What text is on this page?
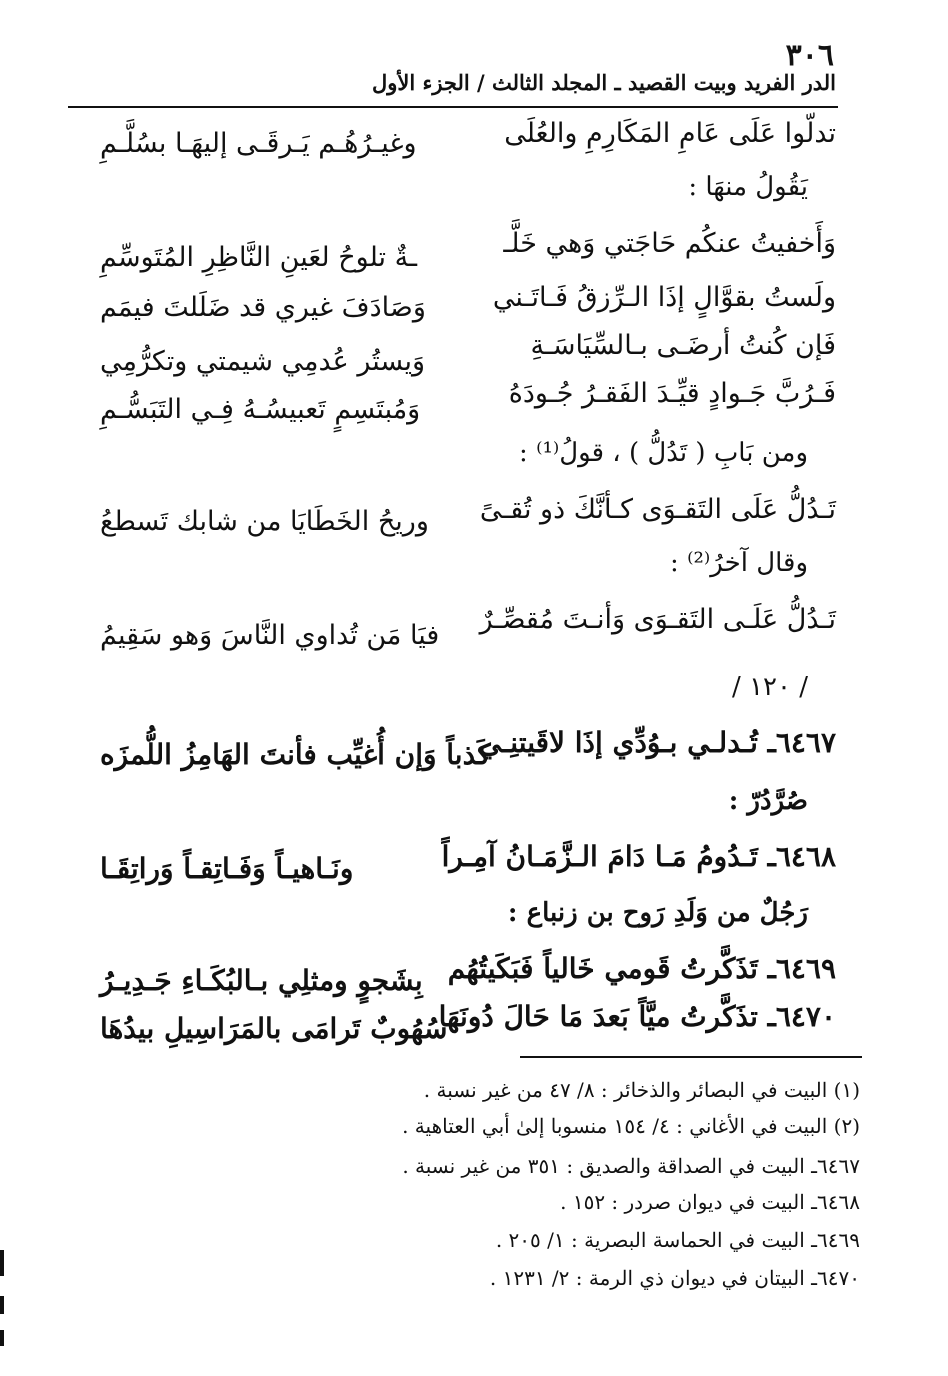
٣٠٦
الدر الفريد وبيت القصيد ـ المجلد الثالث / الجزء الأول
تدلّوا عَلَى عَامِ المَكَارِمِ والعُلَى
وغيـرُهُـم يَـرقَـى إليهَـا بسُلَّـمِ
يَقُولُ منهَا :
وَأَخفيتُ عنكُم حَاجَتي وَهي خَلَّـ
ـةٌ تلوحُ لعَينِ النَّاظِرِ المُتَوسِّمِ
ولَستُ بقوَّالٍ إذَا الـرِّزقُ فَـاتَـني
وَصَادَفَ غيري قد ضَلَلتَ فيمَم
فَإن كُنتُ أرضَـى بـالسِّيَاسَـةِ
وَيستُر عُدمِي شيمتي وتكرُّمِي
فَـرُبَّ جَـوادٍ قيِّـدَ الفَقـرُ جُـودَهُ
وَمُبتَسِمٍ تَعبيسُـهُ فِـي التَبَسُّـمِ
ومن بَابِ ( تَدُلُّ ) ، قولُ⁽¹⁾ :
تَـدُلُّ عَلَى التَقـوَى كـأنَّكَ ذو تُقـىً
وريحُ الخَطَايَا من شابك تَسطعُ
وقال آخرُ⁽²⁾ :
تَـدُلُّ عَلَـى التَقـوَى وَأنـتَ مُقصِّـرٌ
فيَا مَن تُداوي النَّاسَ وَهو سَقِيمُ
/ ١٢٠ /
٦٤٦٧ـ تُـدلـي بـوُدِّي إذَا لاقَيتنِـي
كَذباً وَإن أُغيِّب فأنتَ الهَامِزُ اللُّمزَه
صُرَّدُرّ :
٦٤٦٨ـ تَـدُومُ مَـا دَامَ الـزَّمَـانُ آمِـراً
ونَـاهيـاً وَفَـاتِقـاً وَراتِقَـا
رَجُلٌ من وَلَدِ رَوح بن زنباع :
٦٤٦٩ـ تَذَكَّرتُ قَومي خَالياً فَبَكَيتُهُم
بِشَجوٍ ومثلِي بـالبُكَـاءِ جَـدِيـرُ
٦٤٧٠ـ تذَكَّرتُ ميَّاً بَعدَ مَا حَالَ دُونَهَا
سُهُوبٌ تَرامَى بالمَرَاسِيلِ بيدُهَا
(١) البيت في البصائر والذخائر : ٨/ ٤٧ من غير نسبة .
(٢) البيت في الأغاني : ٤/ ١٥٤ منسوبا إلىٰ أبي العتاهية .
٦٤٦٧ـ البيت في الصداقة والصديق : ٣٥١ من غير نسبة .
٦٤٦٨ـ البيت في ديوان صردر : ١٥٢ .
٦٤٦٩ـ البيت في الحماسة البصرية : ١/ ٢٠٥ .
٦٤٧٠ـ البيتان في ديوان ذي الرمة : ٢/ ١٢٣١ .
